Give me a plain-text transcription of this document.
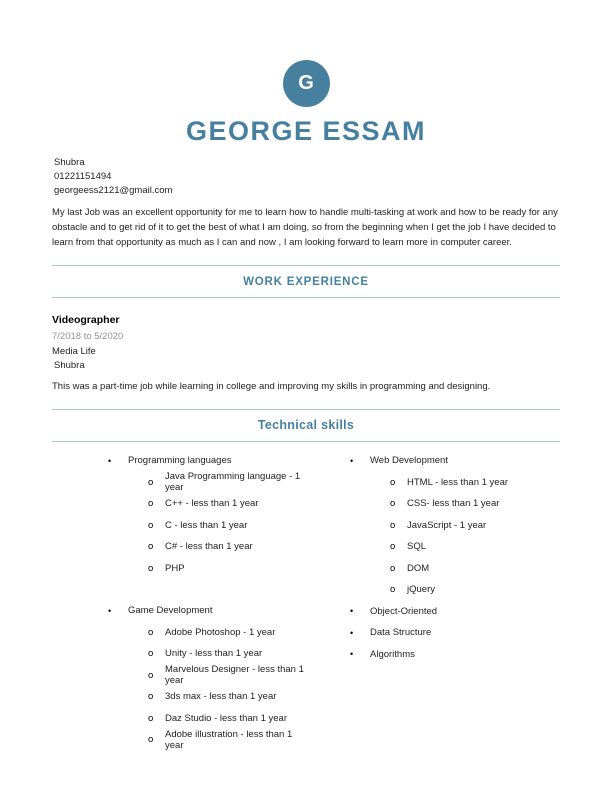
G
GEORGE ESSAM
Shubra
01221151494
georgeess2121@gmail.com
My last Job was an excellent opportunity for me to learn how to handle multi-tasking at work and how to be ready for any obstacle and to get rid of it to get the best of what I am doing, so from the beginning when I get the job I have decided to learn from that opportunity as much as I can and now , I am looking forward to learn more in computer career.
WORK EXPERIENCE
Videographer
7/2018 to 5/2020
Media Life
Shubra
This was a part-time job while learning in college and improving my skills in programming and designing.
Technical skills
•	Programming languages
o	Java Programming language - 1 year
o	C++ - less than 1 year
o	C - less than 1 year
o	C# - less than 1 year
o	PHP
•	Game Development
o	Adobe Photoshop - 1 year
o	Unity - less than 1 year
o	Marvelous Designer - less than 1 year
o	3ds max - less than 1 year
o	Daz Studio - less than 1 year
o	Adobe illustration - less than 1 year
•	Web Development
o	HTML - less than 1 year
o	CSS- less than 1 year
o	JavaScript - 1 year
o	SQL
o	DOM
o	jQuery
•	Object-Oriented
•	Data Structure
•	Algorithms
